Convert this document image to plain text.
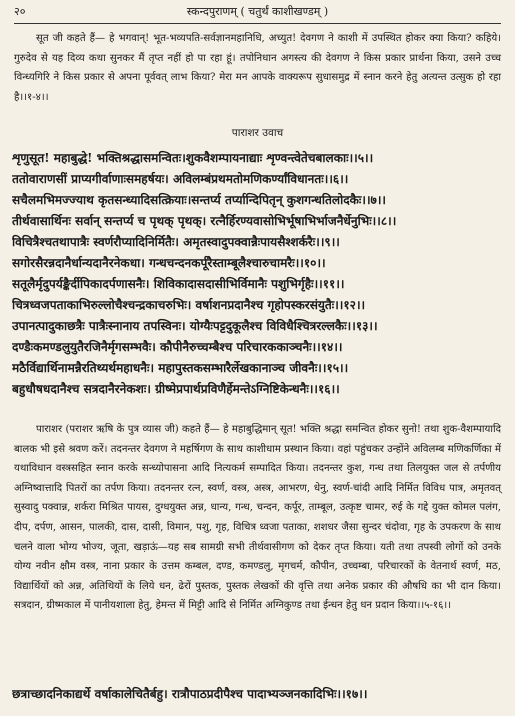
२०	स्कन्दपुराणम् ( चतुर्थं काशीखण्डम् )

सूत जी कहते हैं— हे भगवान्! भूत-भव्यपति-सर्वज्ञानमहानिधि, अच्युत! देवगण ने काशी में उपस्थित होकर क्या किया? कहिये। गुरुदेव से यह दिव्य कथा सुनकर मैं तृप्त नहीं हो पा रहा हूं। तपोनिधान अगस्त्य की देवगण ने किस प्रकार प्रार्थना किया, उसने उच्च विन्ध्यगिरि ने किस प्रकार से अपना पूर्ववत् लाभ किया? मेरा मन आपके वाक्यरूप सुधासमुद्र में स्नान करने हेतु अत्यन्त उत्सुक हो रहा है।।१-४।।

पाराशर उवाच
शृणुसूत! महाबुद्धे! भक्तिश्रद्धासमन्वितः।शुकवैशम्पायनाद्याः शृण्वन्त्वेतेचबालकाः।।५।।
ततोवाराणसीं प्राप्यगीर्वाणाःसमहर्षयः। अविलम्बंप्रथमतोमणिकर्ण्यांविधानतः।।६।।
सचैलमभिमज्ज्याथ कृतसन्ध्यादिसत्क्रियाः।सन्तर्प्य तर्प्यान्दिपितृन् कुशगन्धतिलोदकैः।।७।।
तीर्थवासार्थिनः सर्वान् सन्तर्प्य च पृथक् पृथक्। रत्नैर्हिरण्यवासोभिर्भूषाभिर्भाजनैर्धेनुभिः।।८।।
विचित्रैश्चतथापात्रैः स्वर्णरौप्यादिनिर्मितैः। अमृतस्वादुपक्वान्नैःपायसैश्शर्करैः।।९।।
सगोरसैरन्नदानैर्धान्यदानैरनेकधा। गन्धचन्दनकर्पूरैस्ताम्बूलैश्चारुचामरैः।।१०।।
सतूलैर्मृदुपर्यङ्कैर्दीपिकादर्पणासनैः। शिविकादासदासीभिर्विमानैः पशुभिर्गृहैः।।११।।
चित्रध्वजपताकाभिरुल्लोचैश्चन्द्रकाचरुभिः। वर्षाशनप्रदानैश्च गृहोपस्करसंयुतैः।।१२।।
उपानत्पादुकाछत्रैः पात्रैःस्नानाय तपस्विनः। योग्यैःपट्टदुकूलैश्च विविधैश्चित्ररल्लकैः।।१३।।
दण्डैःकमण्डलुयुतैरजिनैर्मृगसम्भवैः। कौपीनैरुच्चम्बैश्च परिचारककाञ्चनैः।।१४।।
मठैर्विद्यार्थिनामन्नैरतिथ्यर्थमहाधनैः। महापुस्तकसम्भारैर्लेखकानाञ्च जीवनैः।।१५।।
बहुधौषधदानैश्च सत्रदानैरनेकशः। ग्रीष्मेप्रपार्थप्रविणैर्हेमन्तेऽग्निष्टिकेन्धनैः।।१६।।

पाराशर (पराशर ऋषि के पुत्र व्यास जी) कहते हैं— हे महाबुद्धिमान् सूत! भक्ति श्रद्धा समन्वित होकर सुनो! तथा शुक-वैशम्पायादि बालक भी इसे श्रवण करें। तदनन्तर देवगण ने महर्षिगण के साथ काशीधाम प्रस्थान किया। वहां पहुंचकर उन्होंने अविलम्ब मणिकर्णिका में यथाविधान वस्त्रसहित स्नान करके सन्ध्योपासना आदि नित्यकर्म सम्पादित किया। तदनन्तर कुश, गन्ध तथा तिलयुक्त जल से तर्पणीय अग्निष्वात्तादि पितरों का तर्पण किया। तदनन्तर रत्न, स्वर्ण, वस्त्र, अस्त्र, आभरण, धेनु, स्वर्ण-चांदी आदि निर्मित विविध पात्र, अमृतवत् सुस्वादु पक्वान्न, शर्करा मिश्रित पायस, दुग्धयुक्त अन्न, धान्य, गन्ध, चन्दन, कर्पूर, ताम्बूल, उत्कृष्ट चामर, रुई के गद्दे युक्त कोमल पलंग, दीप, दर्पण, आसन, पालकी, दास, दासी, विमान, पशु, गृह, विचित्र ध्वजा पताका, शशधर जैसा सुन्दर चंदोवा, गृह के उपकरण के साथ चलने वाला भोग्य भोज्य, जूता, खड़ाऊं—यह सब सामग्री सभी तीर्थवासीगण को देकर तृप्त किया। यती तथा तपस्वी लोगों को उनके योग्य नवीन क्षौम वस्त्र, नाना प्रकार के उत्तम कम्बल, दण्ड, कमण्डलु, मृगचर्म, कौपीन, उच्चम्बा, परिचारकों के वेतनार्थ स्वर्ण, मठ, विद्यार्थियों को अन्न, अतिथियों के लिये धन, ढेरों पुस्तक, पुस्तक लेखकों की वृत्ति तथा अनेक प्रकार की औषधि का भी दान किया। सत्रदान, ग्रीष्मकाल में पानीयशाला हेतु, हेमन्त में मिट्टी आदि से निर्मित अग्निकुण्ड तथा ईन्धन हेतु धन प्रदान किया।।५-१६।।

छत्राच्छादनिकाद्यर्थे वर्षाकालेचितैर्बहु। रात्रौपाठप्रदीपैश्च पादाभ्यञ्जनकादिभिः।।१७।।
